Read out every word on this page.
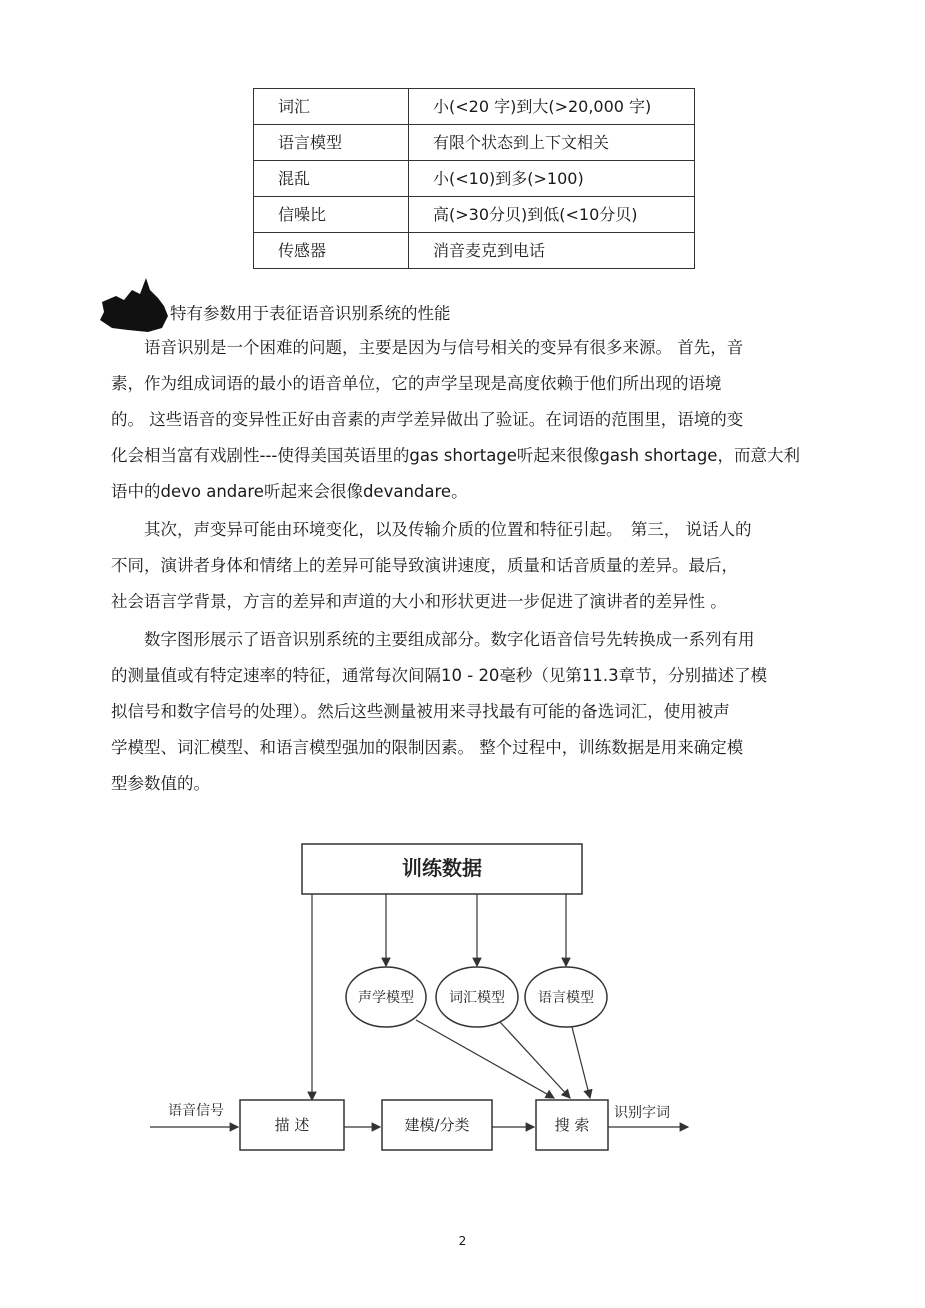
词汇	小(<20 字)到大(>20,000 字)
语言模型	有限个状态到上下文相关
混乱	小(<10)到多(>100)
信噪比	高(>30分贝)到低(<10分贝)
传感器	消音麦克到电话
特有参数用于表征语音识别系统的性能
　　语音识别是一个困难的问题，主要是因为与信号相关的变异有很多来源。 首先，音
素，作为组成词语的最小的语音单位，它的声学呈现是高度依赖于他们所出现的语境
的。 这些语音的变异性正好由音素的声学差异做出了验证。在词语的范围里，语境的变
化会相当富有戏剧性---使得美国英语里的gas shortage听起来很像gash shortage，而意大利
语中的devo andare听起来会很像devandare。
　　其次，声变异可能由环境变化，以及传输介质的位置和特征引起。　第三， 说话人的
不同，演讲者身体和情绪上的差异可能导致演讲速度，质量和话音质量的差异。最后，
社会语言学背景，方言的差异和声道的大小和形状更进一步促进了演讲者的差异性 。
　　数字图形展示了语音识别系统的主要组成部分。数字化语音信号先转换成一系列有用
的测量值或有特定速率的特征，通常每次间隔10 - 20毫秒（见第11.3章节，分别描述了模
拟信号和数字信号的处理）。然后这些测量被用来寻找最有可能的备选词汇，使用被声
学模型、词汇模型、和语言模型强加的限制因素。 整个过程中，训练数据是用来确定模
型参数值的。
训练数据
声学模型	词汇模型 语言模型
语音信号
描 述	建模/分类	搜 索
识别字词
2
